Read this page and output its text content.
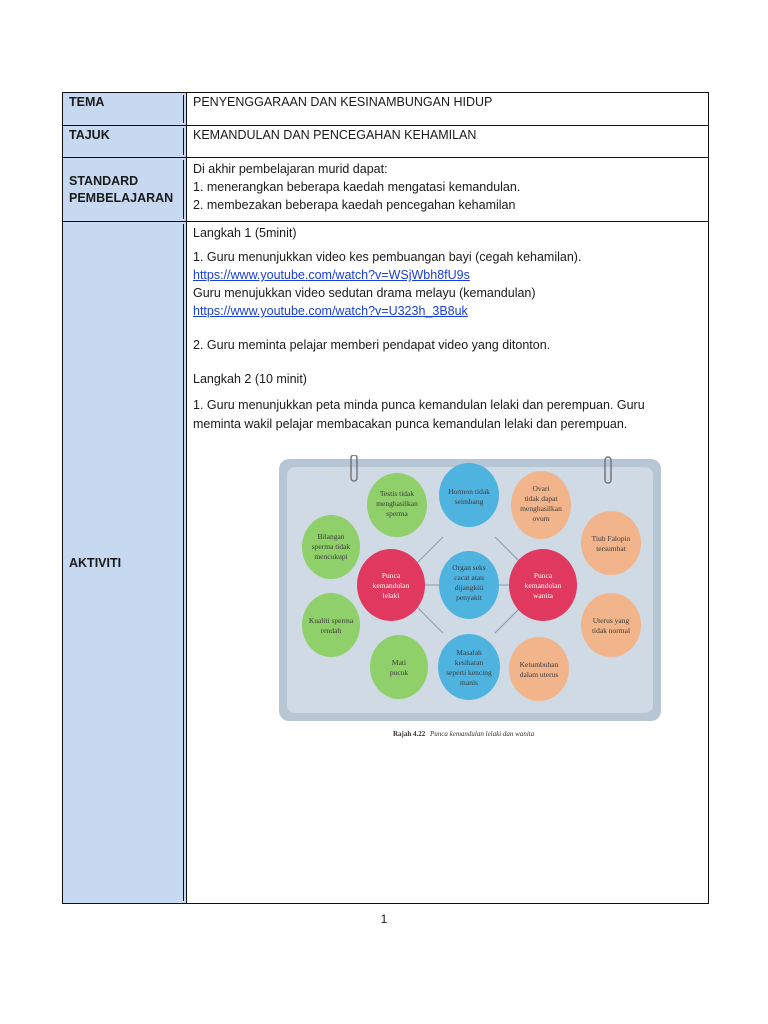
TEMA	PENYENGGARAAN DAN KESINAMBUNGAN HIDUP
TAJUK	KEMANDULAN DAN PENCEGAHAN KEHAMILAN
STANDARD
PEMBELAJARAN
Di akhir pembelajaran murid dapat:
1. menerangkan beberapa kaedah mengatasi kemandulan.
2. membezakan beberapa kaedah pencegahan kehamilan
AKTIVITI
Langkah 1 (5minit)
1. Guru menunjukkan video kes pembuangan bayi (cegah kehamilan).
https://www.youtube.com/watch?v=WSjWbh8fU9s
Guru menujukkan video sedutan drama melayu (kemandulan)
https://www.youtube.com/watch?v=U323h_3B8uk
2. Guru meminta pelajar memberi pendapat video yang ditonton.
Langkah 2 (10 minit)
1. Guru menunjukkan peta minda punca kemandulan lelaki dan perempuan. Guru
meminta wakil pelajar membacakan punca kemandulan lelaki dan perempuan.
Punca
kemandulan
lelaki
Punca
kemandulan
wanita
Hormon tidak
seimbang
Organ seks
cacat atau
dijangkiti
penyakit
Masalah
kesihatan
seperti kencing
manis
Testis tidak
menghasilkan
sperma
Bilangan
sperma tidak
mencukupi
Kualiti sperma
rendah
Mati
pucuk
Ovari
tidak dapat
menghasilkan
ovum
Tiub Falopio
tersumbat
Uterus yang
tidak normal
Ketumbuhan
dalam uterus
Rajah 4.22 Punca kemandulan lelaki dan wanita
1
